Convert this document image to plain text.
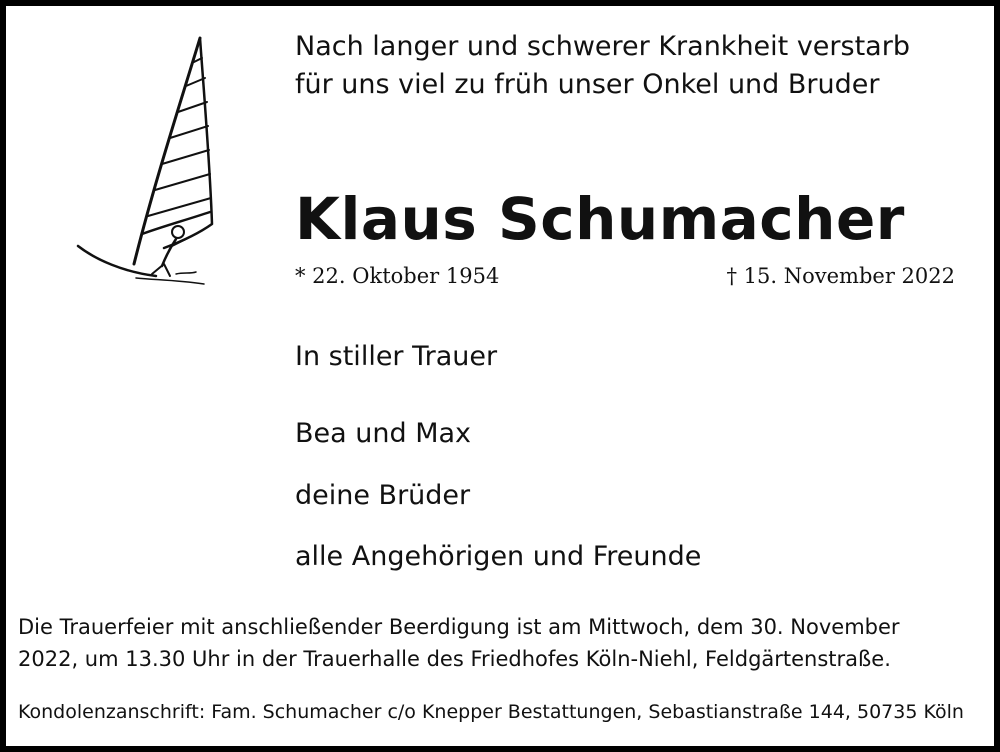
Nach langer und schwerer Krankheit verstarb
für uns viel zu früh unser Onkel und Bruder
Klaus Schumacher
* 22. Oktober 1954	† 15. November 2022
In stiller Trauer
Bea und Max
deine Brüder
alle Angehörigen und Freunde
Die Trauerfeier mit anschließender Beerdigung ist am Mittwoch, dem 30. November
2022, um 13.30 Uhr in der Trauerhalle des Friedhofes Köln-Niehl, Feldgärtenstraße.
Kondolenzanschrift: Fam. Schumacher c/o Knepper Bestattungen, Sebastianstraße 144, 50735 Köln
